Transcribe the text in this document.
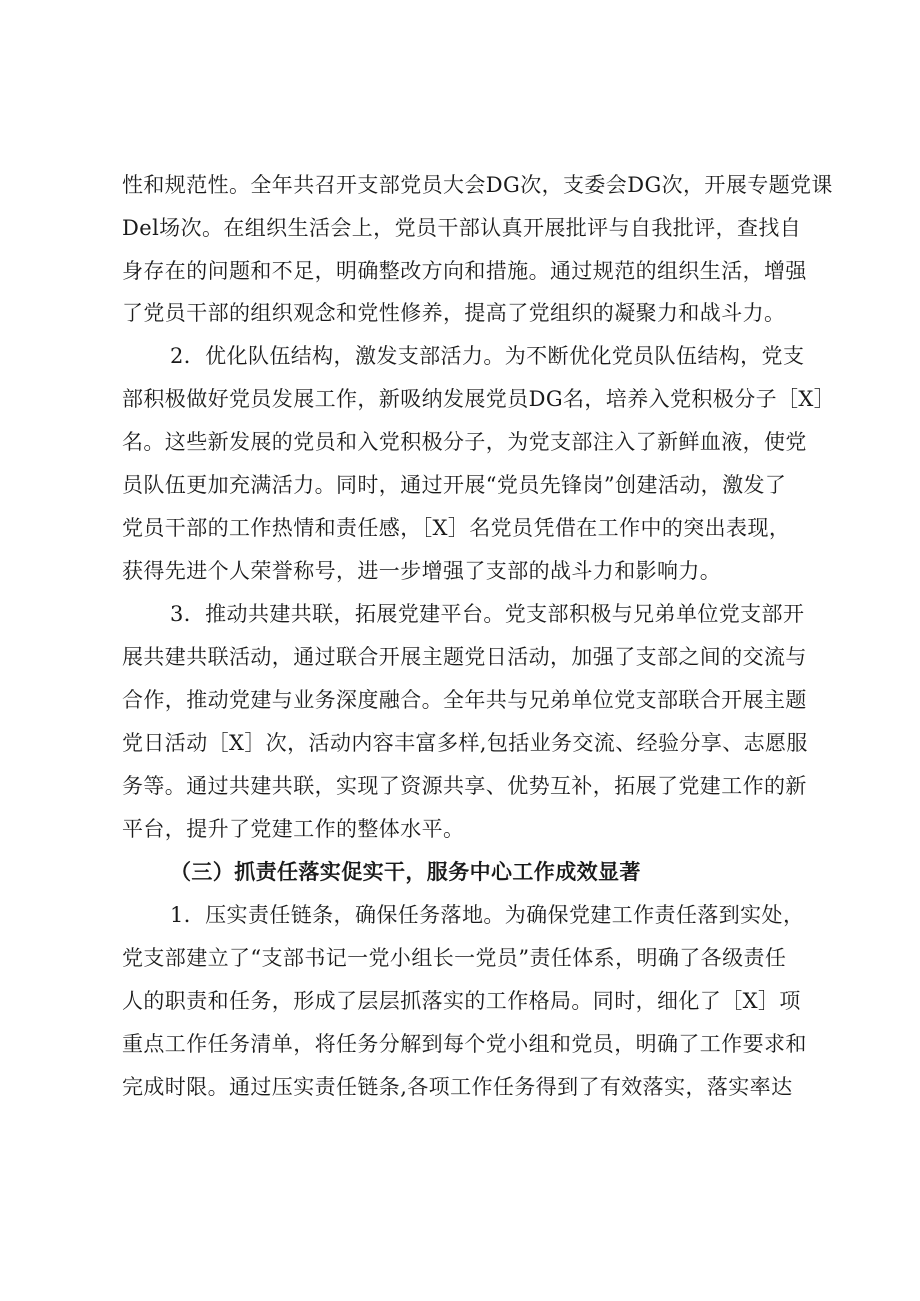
性和规范性。全年共召开支部党员大会DG次，支委会DG次，开展专题党课
Del场次。在组织生活会上，党员干部认真开展批评与自我批评，查找自
身存在的问题和不足，明确整改方向和措施。通过规范的组织生活，增强
了党员干部的组织观念和党性修养，提高了党组织的凝聚力和战斗力。
2．优化队伍结构，激发支部活力。为不断优化党员队伍结构，党支
部积极做好党员发展工作，新吸纳发展党员DG名，培养入党积极分子［X］
名。这些新发展的党员和入党积极分子，为党支部注入了新鲜血液，使党
员队伍更加充满活力。同时，通过开展“党员先锋岗”创建活动，激发了
党员干部的工作热情和责任感，［X］名党员凭借在工作中的突出表现，
获得先进个人荣誉称号，进一步增强了支部的战斗力和影响力。
3．推动共建共联，拓展党建平台。党支部积极与兄弟单位党支部开
展共建共联活动，通过联合开展主题党日活动，加强了支部之间的交流与
合作，推动党建与业务深度融合。全年共与兄弟单位党支部联合开展主题
党日活动［X］次，活动内容丰富多样,包括业务交流、经验分享、志愿服
务等。通过共建共联，实现了资源共享、优势互补，拓展了党建工作的新
平台，提升了党建工作的整体水平。
（三）抓责任落实促实干，服务中心工作成效显著
1．压实责任链条，确保任务落地。为确保党建工作责任落到实处，
党支部建立了“支部书记一党小组长一党员”责任体系，明确了各级责任
人的职责和任务，形成了层层抓落实的工作格局。同时，细化了［X］项
重点工作任务清单，将任务分解到每个党小组和党员，明确了工作要求和
完成时限。通过压实责任链条,各项工作任务得到了有效落实，落实率达
